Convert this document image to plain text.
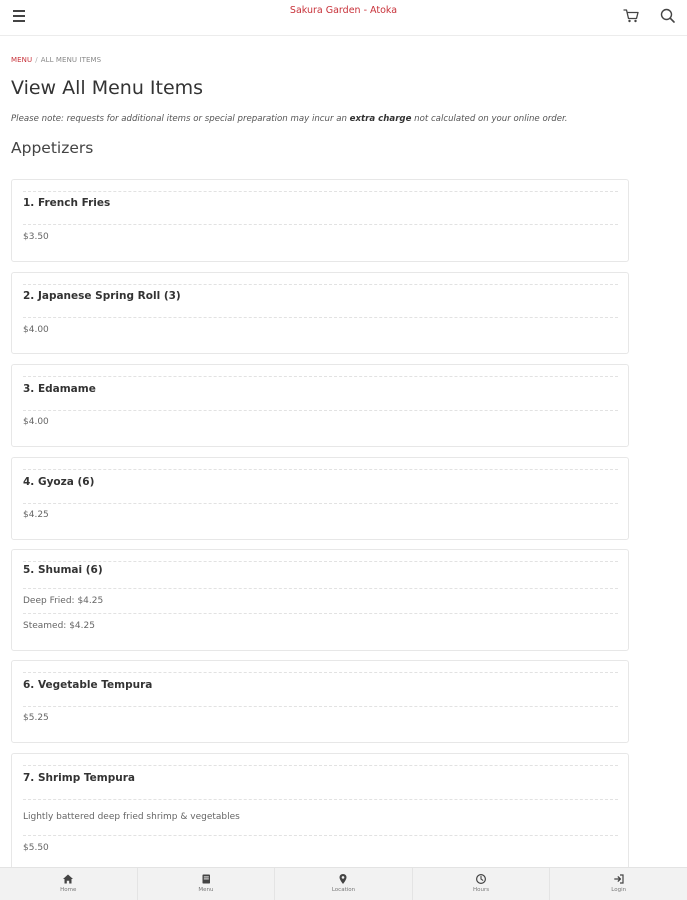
Sakura Garden - Atoka
MENU / ALL MENU ITEMS
View All Menu Items
Please note: requests for additional items or special preparation may incur an extra charge not calculated on your online order.
Appetizers
1. French Fries
$3.50
2. Japanese Spring Roll (3)
$4.00
3. Edamame
$4.00
4. Gyoza (6)
$4.25
5. Shumai (6)
Deep Fried: $4.25
Steamed: $4.25
6. Vegetable Tempura
$5.25
7. Shrimp Tempura
Lightly battered deep fried shrimp & vegetables
$5.50
Home	Menu	Location	Hours	Login
